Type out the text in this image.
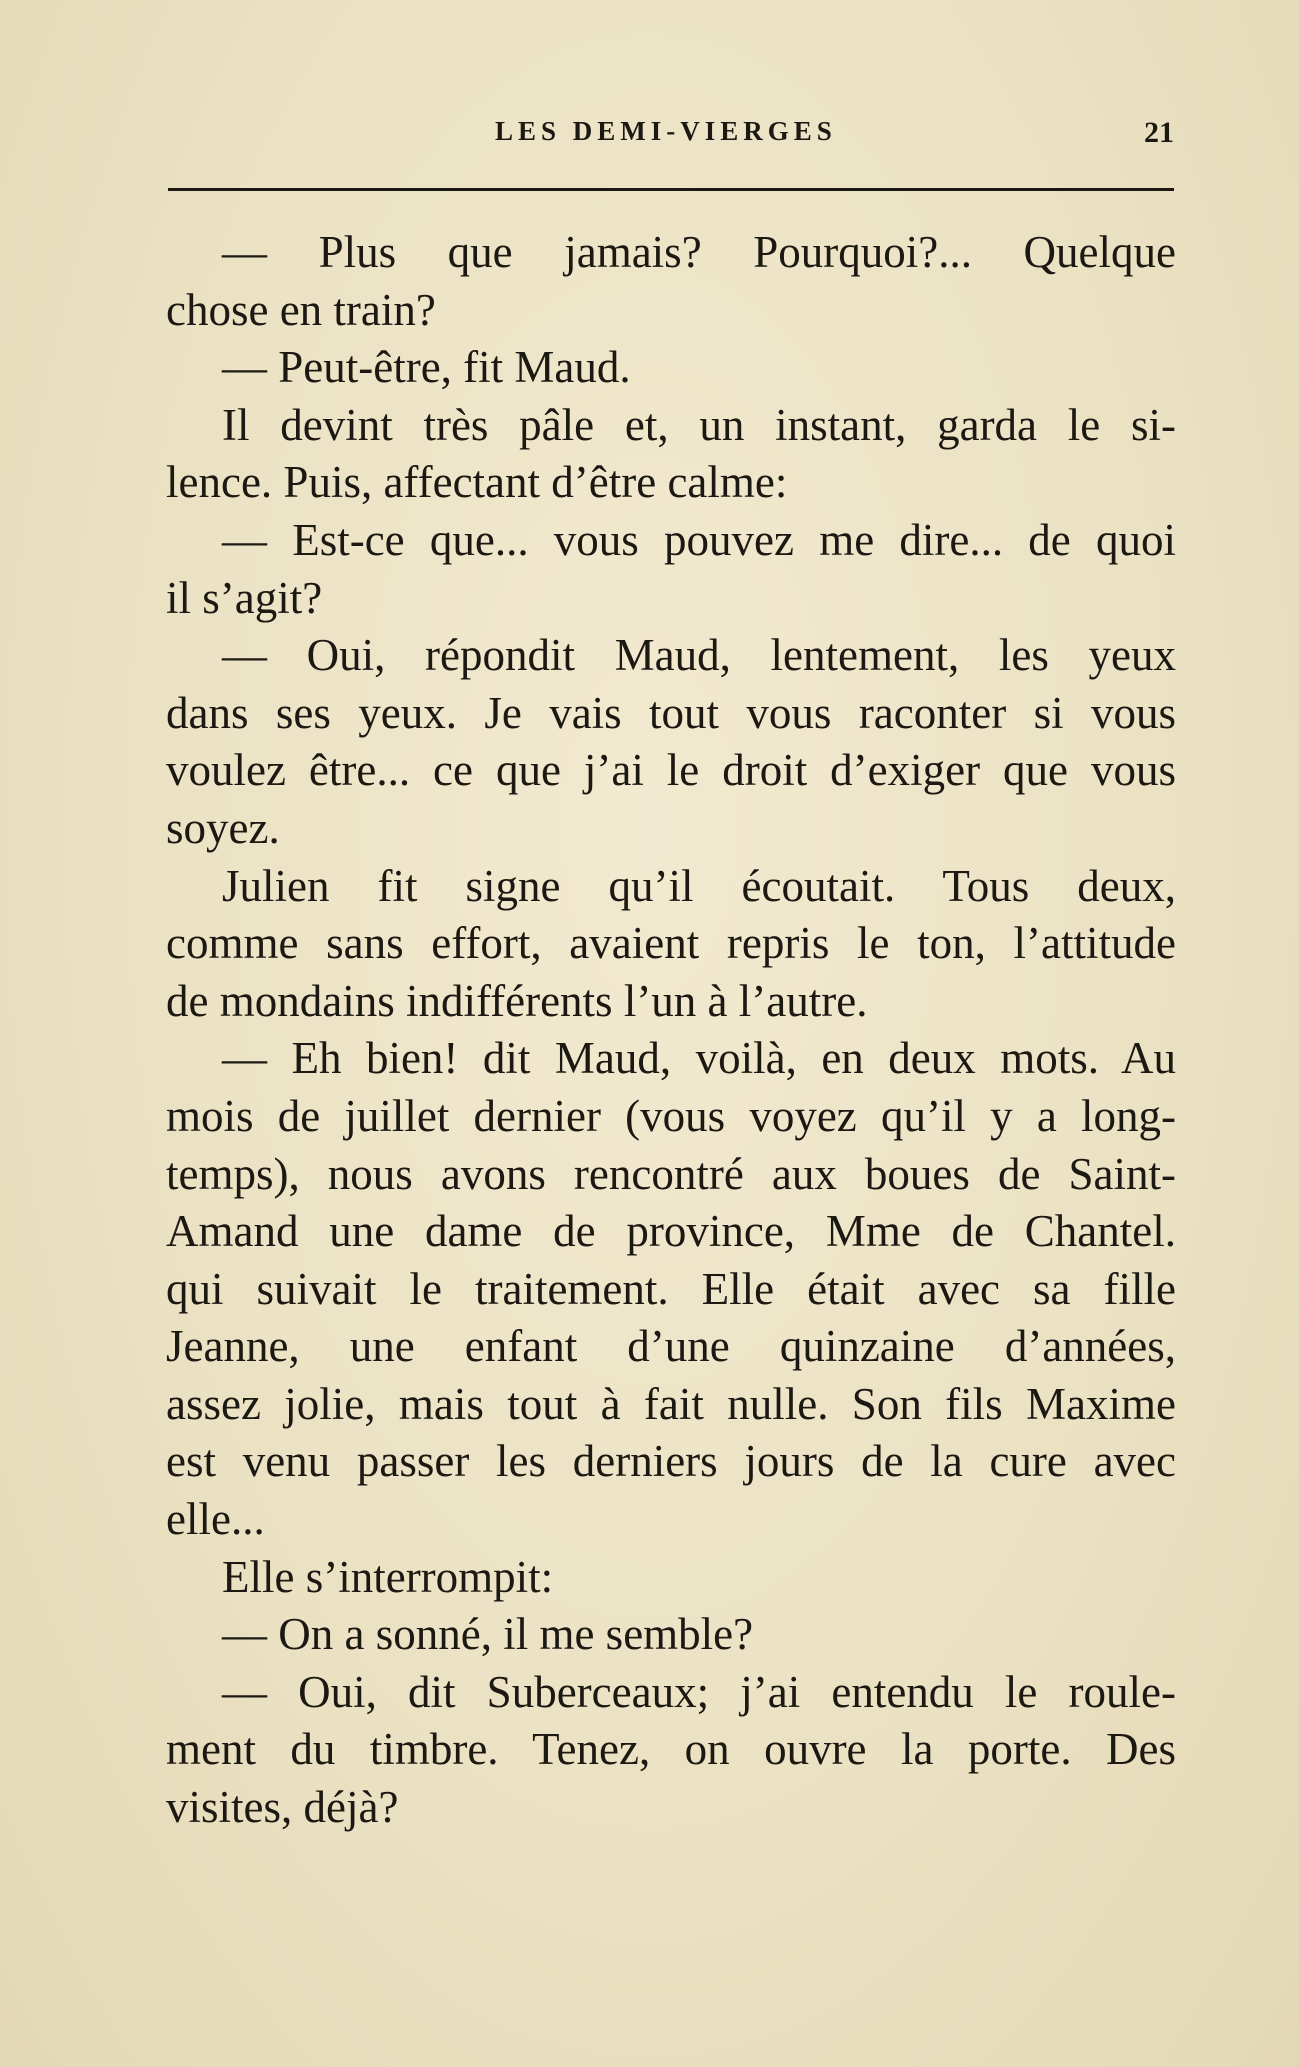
LES DEMI-VIERGES	21
— Plus que jamais? Pourquoi?... Quelque
chose en train?
— Peut-être, fit Maud.
Il devint très pâle et, un instant, garda le si-
lence. Puis, affectant d’être calme:
— Est-ce que... vous pouvez me dire... de quoi
il s’agit?
— Oui, répondit Maud, lentement, les yeux
dans ses yeux. Je vais tout vous raconter si vous
voulez être... ce que j’ai le droit d’exiger que vous
soyez.
Julien fit signe qu’il écoutait. Tous deux,
comme sans effort, avaient repris le ton, l’attitude
de mondains indifférents l’un à l’autre.
— Eh bien! dit Maud, voilà, en deux mots. Au
mois de juillet dernier (vous voyez qu’il y a long-
temps), nous avons rencontré aux boues de Saint-
Amand une dame de province, Mme de Chantel.
qui suivait le traitement. Elle était avec sa fille
Jeanne, une enfant d’une quinzaine d’années,
assez jolie, mais tout à fait nulle. Son fils Maxime
est venu passer les derniers jours de la cure avec
elle...
Elle s’interrompit:
— On a sonné, il me semble?
— Oui, dit Suberceaux; j’ai entendu le roule-
ment du timbre. Tenez, on ouvre la porte. Des
visites, déjà?
